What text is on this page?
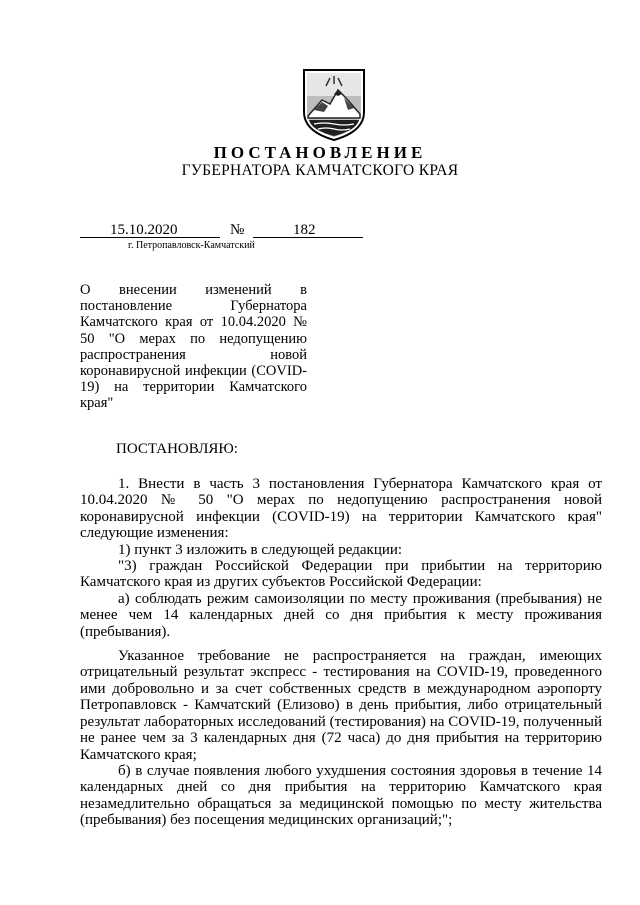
ПОСТАНОВЛЕНИЕ
ГУБЕРНАТОРА КАМЧАТСКОГО КРАЯ
15.10.2020	№	182
г. Петропавловск-Камчатский
О внесении изменений в постановление Губернатора Камчатского края от 10.04.2020 № 50 "О мерах по недопущению распространения новой коронавирусной инфекции (COVID-19) на территории Камчатского края"
ПОСТАНОВЛЯЮ:

1. Внести в часть 3 постановления Губернатора Камчатского края от 10.04.2020 № 50 "О мерах по недопущению распространения новой коронавирусной инфекции (COVID-19) на территории Камчатского края" следующие изменения:

1) пункт 3 изложить в следующей редакции:

"3) граждан Российской Федерации при прибытии на территорию Камчатского края из других субъектов Российской Федерации:

а) соблюдать режим самоизоляции по месту проживания (пребывания) не менее чем 14 календарных дней со дня прибытия к месту проживания (пребывания).

Указанное требование не распространяется на граждан, имеющих отрицательный результат экспресс - тестирования на COVID-19, проведенного ими добровольно и за счет собственных средств в международном аэропорту Петропавловск - Камчатский (Елизово) в день прибытия, либо отрицательный результат лабораторных исследований (тестирования) на COVID-19, полученный не ранее чем за 3 календарных дня (72 часа) до дня прибытия на территорию Камчатского края;

б) в случае появления любого ухудшения состояния здоровья в течение 14 календарных дней со дня прибытия на территорию Камчатского края незамедлительно обращаться за медицинской помощью по месту жительства (пребывания) без посещения медицинских организаций;";
